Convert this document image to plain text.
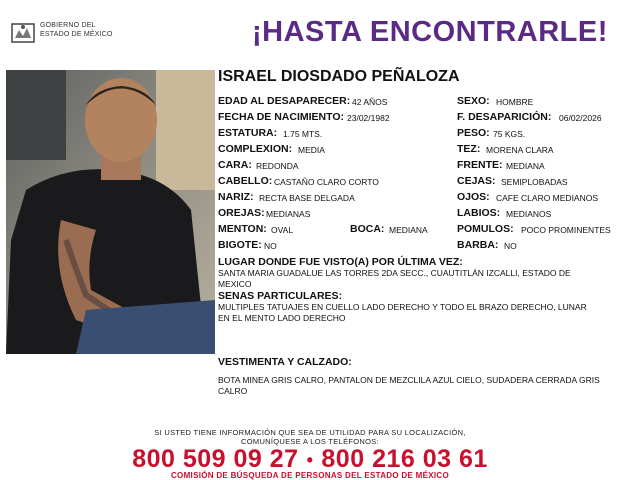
GOBIERNO DEL
ESTADO DE MÉXICO	¡HASTA ENCONTRARLE!
ISRAEL DIOSDADO PEÑALOZA
EDAD AL DESAPARECER: 42 AÑOS	SEXO: HOMBRE
FECHA DE NACIMIENTO: 23/02/1982	F. DESAPARICIÓN: 06/02/2026
ESTATURA: 1.75 MTS.	PESO: 75 KGS.
COMPLEXION: MEDIA	TEZ: MORENA CLARA
CARA: REDONDA	FRENTE: MEDIANA
CABELLO: CASTAÑO CLARO CORTO	CEJAS: SEMIPLOBADAS
NARIZ: RECTA BASE DELGADA	OJOS: CAFE CLARO MEDIANOS
OREJAS: MEDIANAS	LABIOS: MEDIANOS
MENTON: OVAL	BOCA: MEDIANA	POMULOS: POCO PROMINENTES
BIGOTE: NO	BARBA: NO
LUGAR DONDE FUE VISTO(A) POR ÚLTIMA VEZ:
SANTA MARIA GUADALUE LAS TORRES 2DA SECC., CUAUTITLÁN IZCALLI, ESTADO DE MEXICO
SENAS PARTICULARES:
MULTIPLES TATUAJES EN CUELLO LADO DERECHO Y TODO EL BRAZO DERECHO, LUNAR EN EL MENTO LADO DERECHO
VESTIMENTA Y CALZADO:
BOTA MINEA GRIS CALRO, PANTALON DE MEZCLILA AZUL CIELO, SUDADERA CERRADA GRIS CALRO
SI USTED TIENE INFORMACIÓN QUE SEA DE UTILIDAD PARA SU LOCALIZACIÓN,
COMUNÍQUESE A LOS TELÉFONOS:
800 509 09 27 • 800 216 03 61
COMISIÓN DE BÚSQUEDA DE PERSONAS DEL ESTADO DE MÉXICO
